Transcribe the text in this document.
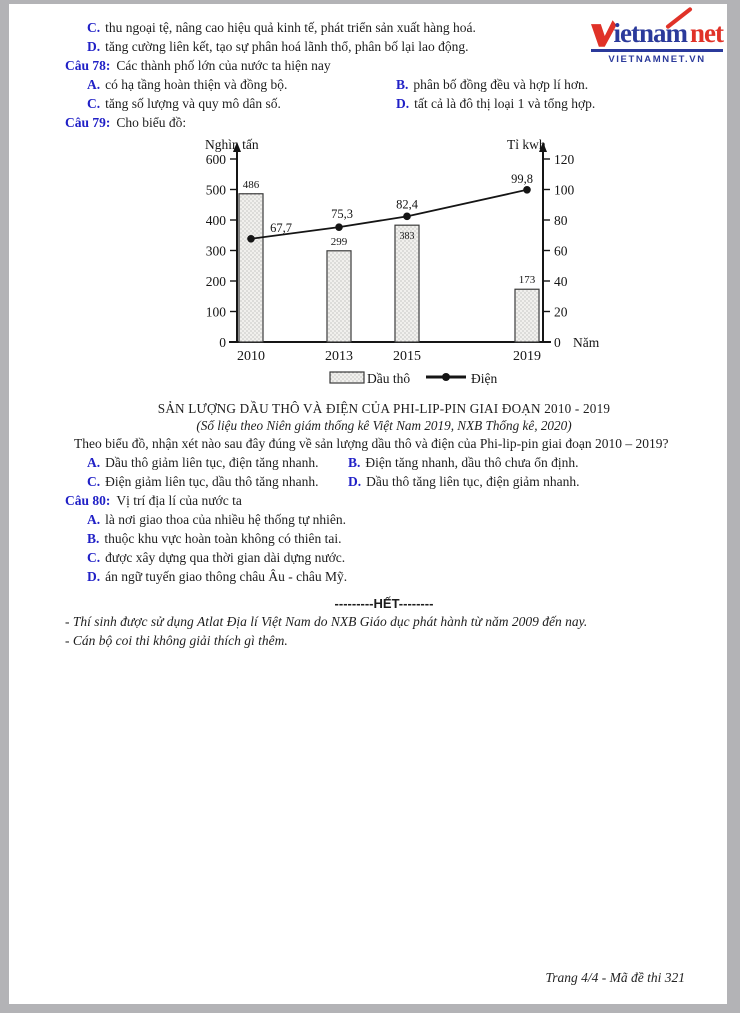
ietnam net
VIETNAMNET.VN

C. thu ngoại tệ, nâng cao hiệu quả kinh tế, phát triển sản xuất hàng hoá.

D. tăng cường liên kết, tạo sự phân hoá lãnh thổ, phân bố lại lao động.

Câu 78: Các thành phố lớn của nước ta hiện nay

A. có hạ tầng hoàn thiện và đồng bộ.	B. phân bố đồng đều và hợp lí hơn.
C. tăng số lượng và quy mô dân số.	D. tất cả là đô thị loại 1 và tổng hợp.

Câu 79: Cho biểu đồ:

0
100
200
300
400
500
600
0
20
40
60
80
100
120
Nghìn tấn	Tỉ kwh
Năm
486
299	383
173
67,7
75,3
82,4
99,8
2010	2013	2015	2019
Dầu thô	Điện
SẢN LƯỢNG DẦU THÔ VÀ ĐIỆN CỦA PHI-LIP-PIN GIAI ĐOẠN 2010 - 2019
(Số liệu theo Niên giám thống kê Việt Nam 2019, NXB Thống kê, 2020)

Theo biểu đồ, nhận xét nào sau đây đúng về sản lượng dầu thô và điện của Phi-lip-pin giai đoạn 2010 – 2019?

A. Dầu thô giảm liên tục, điện tăng nhanh.	B. Điện tăng nhanh, dầu thô chưa ổn định.
C. Điện giảm liên tục, dầu thô tăng nhanh.	D. Dầu thô tăng liên tục, điện giảm nhanh.

Câu 80: Vị trí địa lí của nước ta

A. là nơi giao thoa của nhiều hệ thống tự nhiên.

B. thuộc khu vực hoàn toàn không có thiên tai.

C. được xây dựng qua thời gian dài dựng nước.

D. án ngữ tuyến giao thông châu Âu - châu Mỹ.

---------HẾT--------

- Thí sinh được sử dụng Atlat Địa lí Việt Nam do NXB Giáo dục phát hành từ năm 2009 đến nay.

- Cán bộ coi thi không giải thích gì thêm.

Trang 4/4 - Mã đề thi 321
